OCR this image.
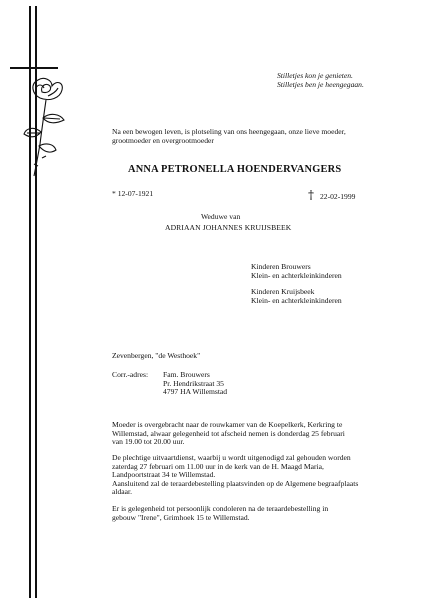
Stilletjes kon je genieten.
Stilletjes ben je heengegaan.
Na een bewogen leven, is plotseling van ons heengegaan, onze lieve moeder,
grootmoeder en overgrootmoeder
ANNA PETRONELLA HOENDERVANGERS
* 12-07-1921	† 22-02-1999
Weduwe van
ADRIAAN JOHANNES KRUIJSBEEK
Kinderen Brouwers
Klein- en achterkleinkinderen
Kinderen Kruijsbeek
Klein- en achterkleinkinderen
Zevenbergen, "de Westhoek"
Corr.-adres: Fam. Brouwers
Pr. Hendrikstraat 35
4797 HA Willemstad
Moeder is overgebracht naar de rouwkamer van de Koepelkerk, Kerkring te
Willemstad, alwaar gelegenheid tot afscheid nemen is donderdag 25 februari
van 19.00 tot 20.00 uur.
De plechtige uitvaartdienst, waarbij u wordt uitgenodigd zal gehouden worden
zaterdag 27 februari om 11.00 uur in de kerk van de H. Maagd Maria,
Landpoortstraat 34 te Willemstad.
Aansluitend zal de teraardebestelling plaatsvinden op de Algemene begraafplaats
aldaar.
Er is gelegenheid tot persoonlijk condoleren na de teraardebestelling in
gebouw "Irene", Grimhoek 15 te Willemstad.
